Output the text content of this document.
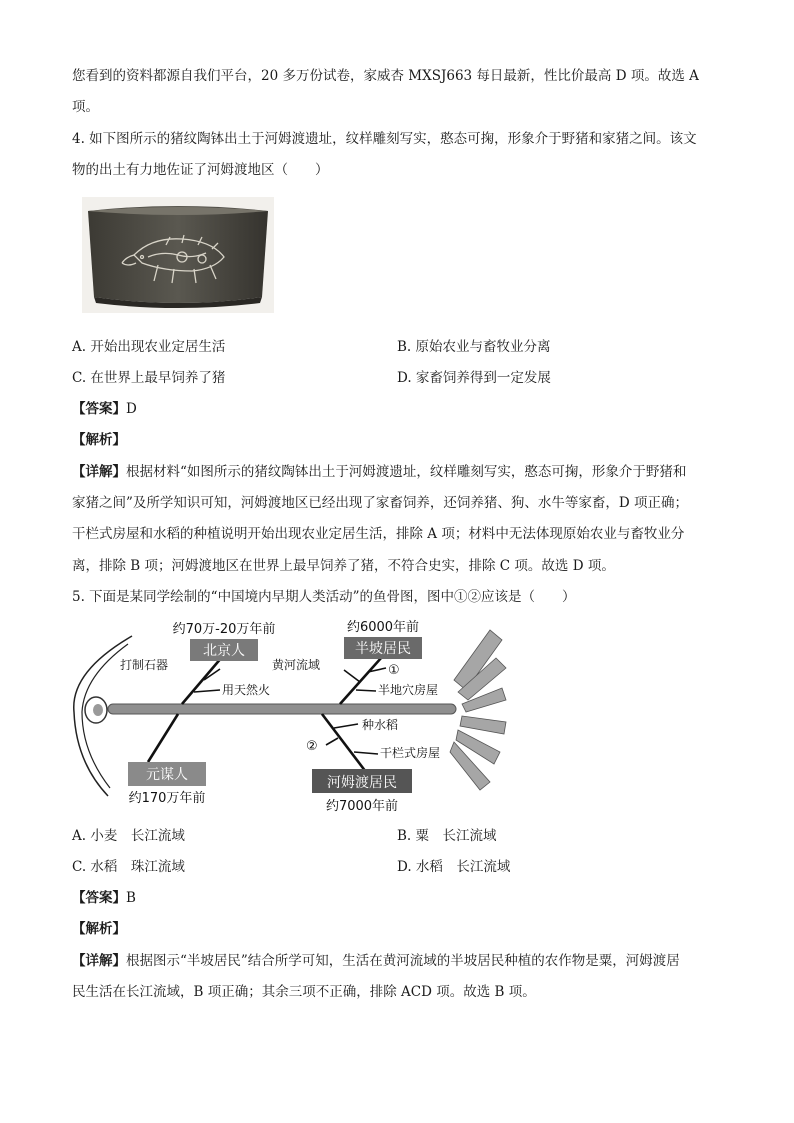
您看到的资料都源自我们平台，20 多万份试卷，家威杏 MXSJ663 每日最新，性比价最高 D 项。故选 A
项。
4. 如下图所示的猪纹陶钵出土于河姆渡遗址，纹样雕刻写实，憨态可掬，形象介于野猪和家猪之间。该文
物的出土有力地佐证了河姆渡地区（　　）
A. 开始出现农业定居生活	B. 原始农业与畜牧业分离
C. 在世界上最早饲养了猪	D. 家畜饲养得到一定发展
【答案】D
【解析】
【详解】根据材料“如图所示的猪纹陶钵出土于河姆渡遗址，纹样雕刻写实，憨态可掬，形象介于野猪和
家猪之间”及所学知识可知，河姆渡地区已经出现了家畜饲养，还饲养猪、狗、水牛等家畜，D 项正确；
干栏式房屋和水稻的种植说明开始出现农业定居生活，排除 A 项；材料中无法体现原始农业与畜牧业分
离，排除 B 项；河姆渡地区在世界上最早饲养了猪，不符合史实，排除 C 项。故选 D 项。
5. 下面是某同学绘制的“中国境内早期人类活动”的鱼骨图，图中①②应该是（　　）
约70万-20万年前
北京人
打制石器
用天然火
约6000年前
半坡居民
黄河流域	①
半地穴房屋
元谋人
约170万年前
种水稻
②	干栏式房屋
河姆渡居民
约7000年前
A. 小麦　长江流域	B. 粟　长江流域
C. 水稻　珠江流域	D. 水稻　长江流域
【答案】B
【解析】
【详解】根据图示“半坡居民”结合所学可知，生活在黄河流域的半坡居民种植的农作物是粟，河姆渡居
民生活在长江流域，B 项正确；其余三项不正确，排除 ACD 项。故选 B 项。
